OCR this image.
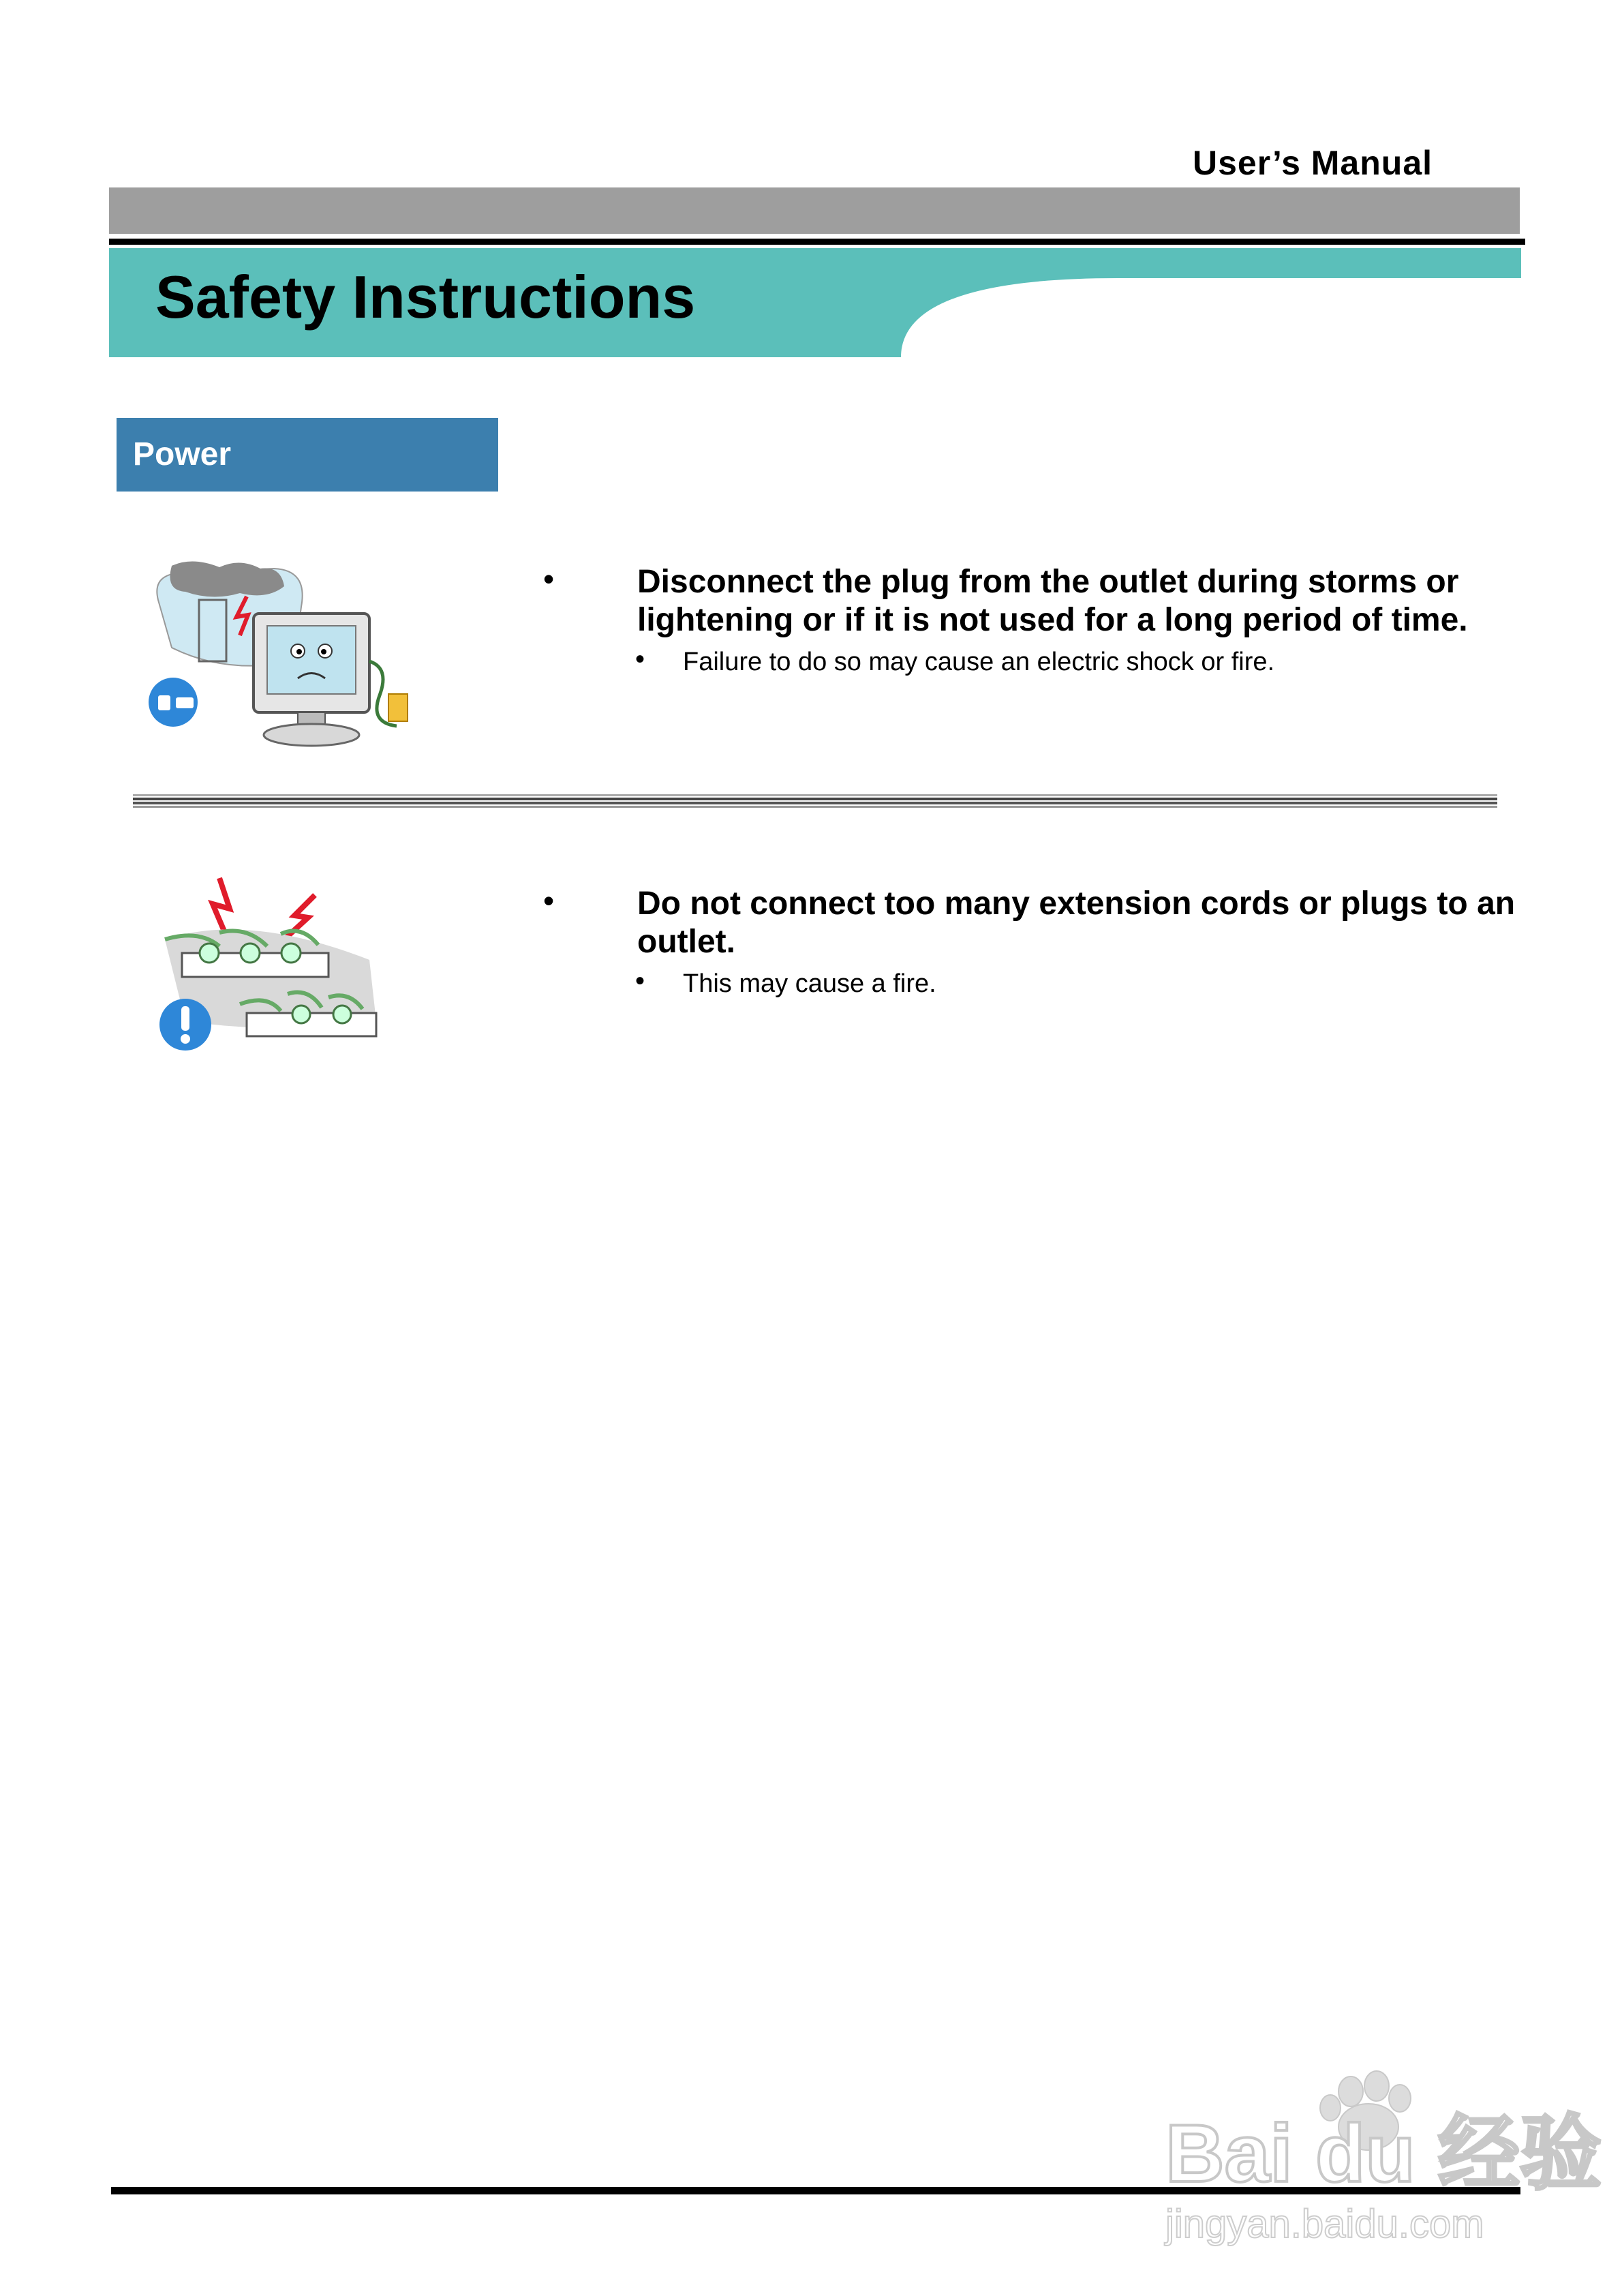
User’s Manual
Safety Instructions
Power
•	Disconnect the plug from the outlet during storms or lightening or if it is not used for a long period of time.
• Failure to do so may cause an electric shock or fire.
•	Do not connect too many extension cords or plugs to an outlet.
• This may cause a fire.
Bai du 经验
jingyan.baidu.com
